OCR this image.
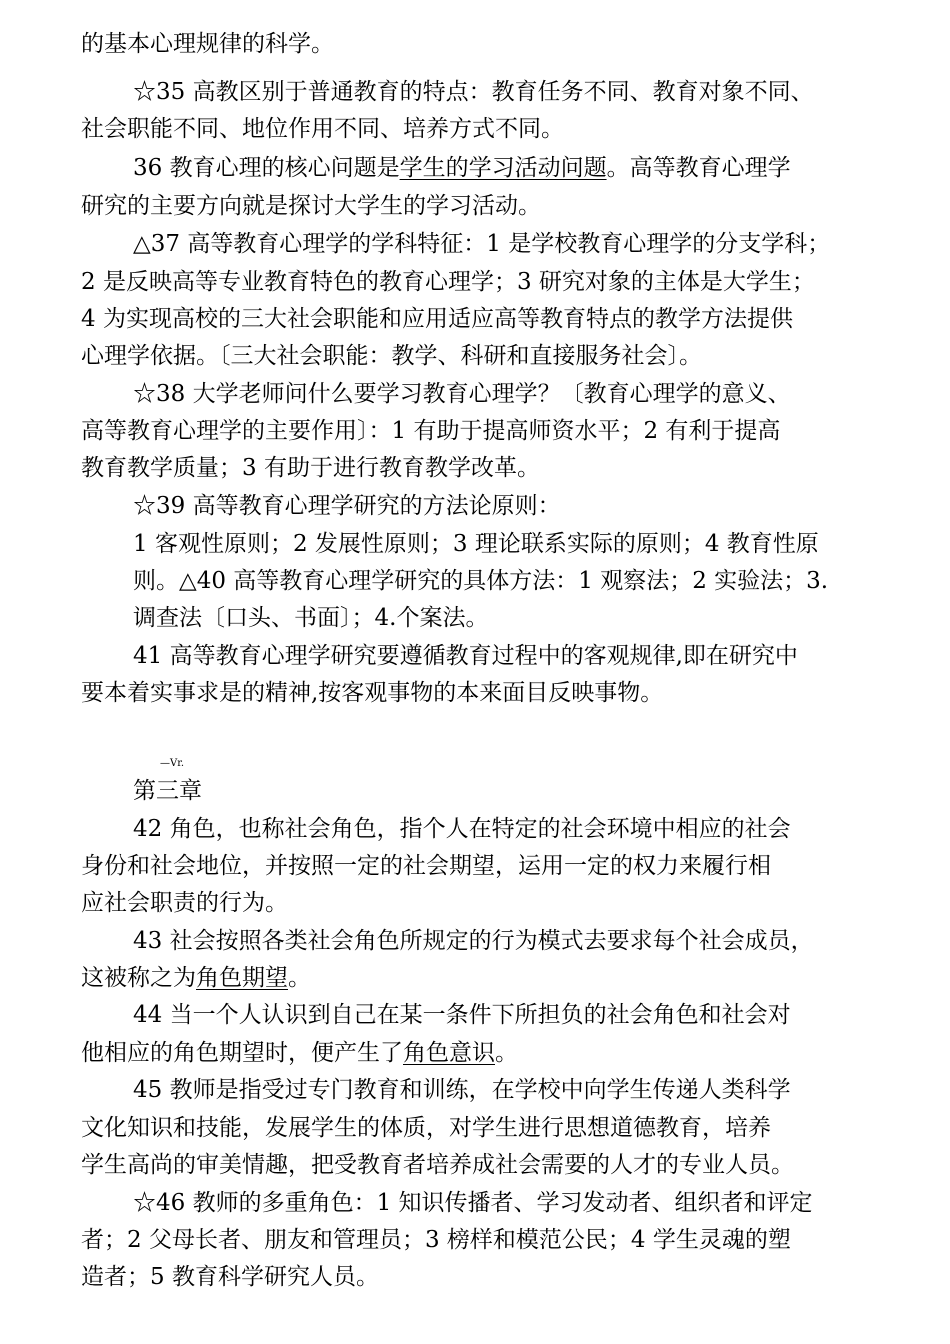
的基本心理规律的科学。
☆35 高教区别于普通教育的特点：教育任务不同、教育对象不同、
社会职能不同、地位作用不同、培养方式不同。
36 教育心理的核心问题是学生的学习活动问题。高等教育心理学
研究的主要方向就是探讨大学生的学习活动。
△37 高等教育心理学的学科特征：1 是学校教育心理学的分支学科；
2 是反映高等专业教育特色的教育心理学；3 研究对象的主体是大学生；
4 为实现高校的三大社会职能和应用适应高等教育特点的教学方法提供
心理学依据。〔三大社会职能：教学、科研和直接服务社会〕。
☆38 大学老师问什么要学习教育心理学？〔教育心理学的意义、
高等教育心理学的主要作用〕：1 有助于提高师资水平；2 有利于提高
教育教学质量；3 有助于进行教育教学改革。
☆39 高等教育心理学研究的方法论原则：
1 客观性原则；2 发展性原则；3 理论联系实际的原则；4 教育性原
则。△40 高等教育心理学研究的具体方法：1 观察法；2 实验法；3.
调查法〔口头、书面〕；4.个案法。
41 高等教育心理学研究要遵循教育过程中的客观规律,即在研究中
要本着实事求是的精神,按客观事物的本来面目反映事物。
—Vr.
第三章
42 角色，也称社会角色，指个人在特定的社会环境中相应的社会
身份和社会地位，并按照一定的社会期望，运用一定的权力来履行相
应社会职责的行为。
43 社会按照各类社会角色所规定的行为模式去要求每个社会成员，
这被称之为角色期望。
44 当一个人认识到自己在某一条件下所担负的社会角色和社会对
他相应的角色期望时，便产生了角色意识。
45 教师是指受过专门教育和训练，在学校中向学生传递人类科学
文化知识和技能，发展学生的体质，对学生进行思想道德教育，培养
学生高尚的审美情趣，把受教育者培养成社会需要的人才的专业人员。
☆46 教师的多重角色：1 知识传播者、学习发动者、组织者和评定
者；2 父母长者、朋友和管理员；3 榜样和模范公民；4 学生灵魂的塑
造者；5 教育科学研究人员。
